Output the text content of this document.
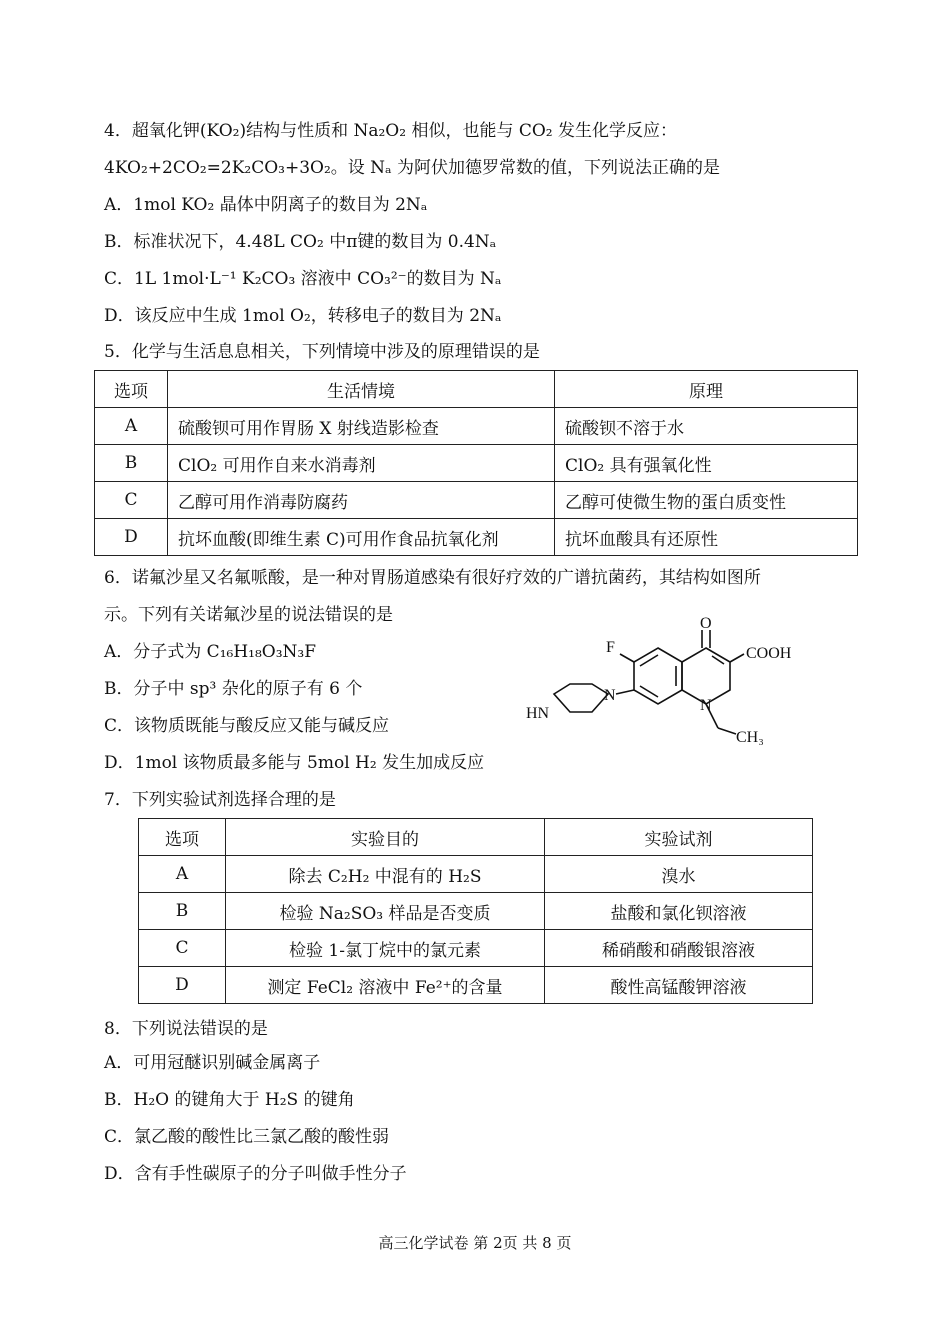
4．超氧化钾(KO₂)结构与性质和 Na₂O₂ 相似，也能与 CO₂ 发生化学反应：
4KO₂+2CO₂=2K₂CO₃+3O₂。设 Nₐ 为阿伏加德罗常数的值，下列说法正确的是
A．1mol KO₂ 晶体中阴离子的数目为 2Nₐ
B．标准状况下，4.48L CO₂ 中π键的数目为 0.4Nₐ
C．1L 1mol·L⁻¹ K₂CO₃ 溶液中 CO₃²⁻的数目为 Nₐ
D．该反应中生成 1mol O₂，转移电子的数目为 2Nₐ
5．化学与生活息息相关，下列情境中涉及的原理错误的是
选项	生活情境	原理
A	硫酸钡可用作胃肠 X 射线造影检查	硫酸钡不溶于水
B	ClO₂ 可用作自来水消毒剂	ClO₂ 具有强氧化性
C	乙醇可用作消毒防腐药	乙醇可使微生物的蛋白质变性
D	抗坏血酸(即维生素 C)可用作食品抗氧化剂	抗坏血酸具有还原性
6．诺氟沙星又名氟哌酸，是一种对胃肠道感染有很好疗效的广谱抗菌药，其结构如图所
示。下列有关诺氟沙星的说法错误的是
A．分子式为 C₁₆H₁₈O₃N₃F
B．分子中 sp³ 杂化的原子有 6 个
C．该物质既能与酸反应又能与碱反应
D．1mol 该物质最多能与 5mol H₂ 发生加成反应
O
F	COOH
N
HN
N
CH₃
7．下列实验试剂选择合理的是
选项	实验目的	实验试剂
A	除去 C₂H₂ 中混有的 H₂S	溴水
B	检验 Na₂SO₃ 样品是否变质	盐酸和氯化钡溶液
C	检验 1-氯丁烷中的氯元素	稀硝酸和硝酸银溶液
D	测定 FeCl₂ 溶液中 Fe²⁺的含量	酸性高锰酸钾溶液
8．下列说法错误的是
A．可用冠醚识别碱金属离子
B．H₂O 的键角大于 H₂S 的键角
C．氯乙酸的酸性比三氯乙酸的酸性弱
D．含有手性碳原子的分子叫做手性分子
高三化学试卷 第 2页 共 8 页
